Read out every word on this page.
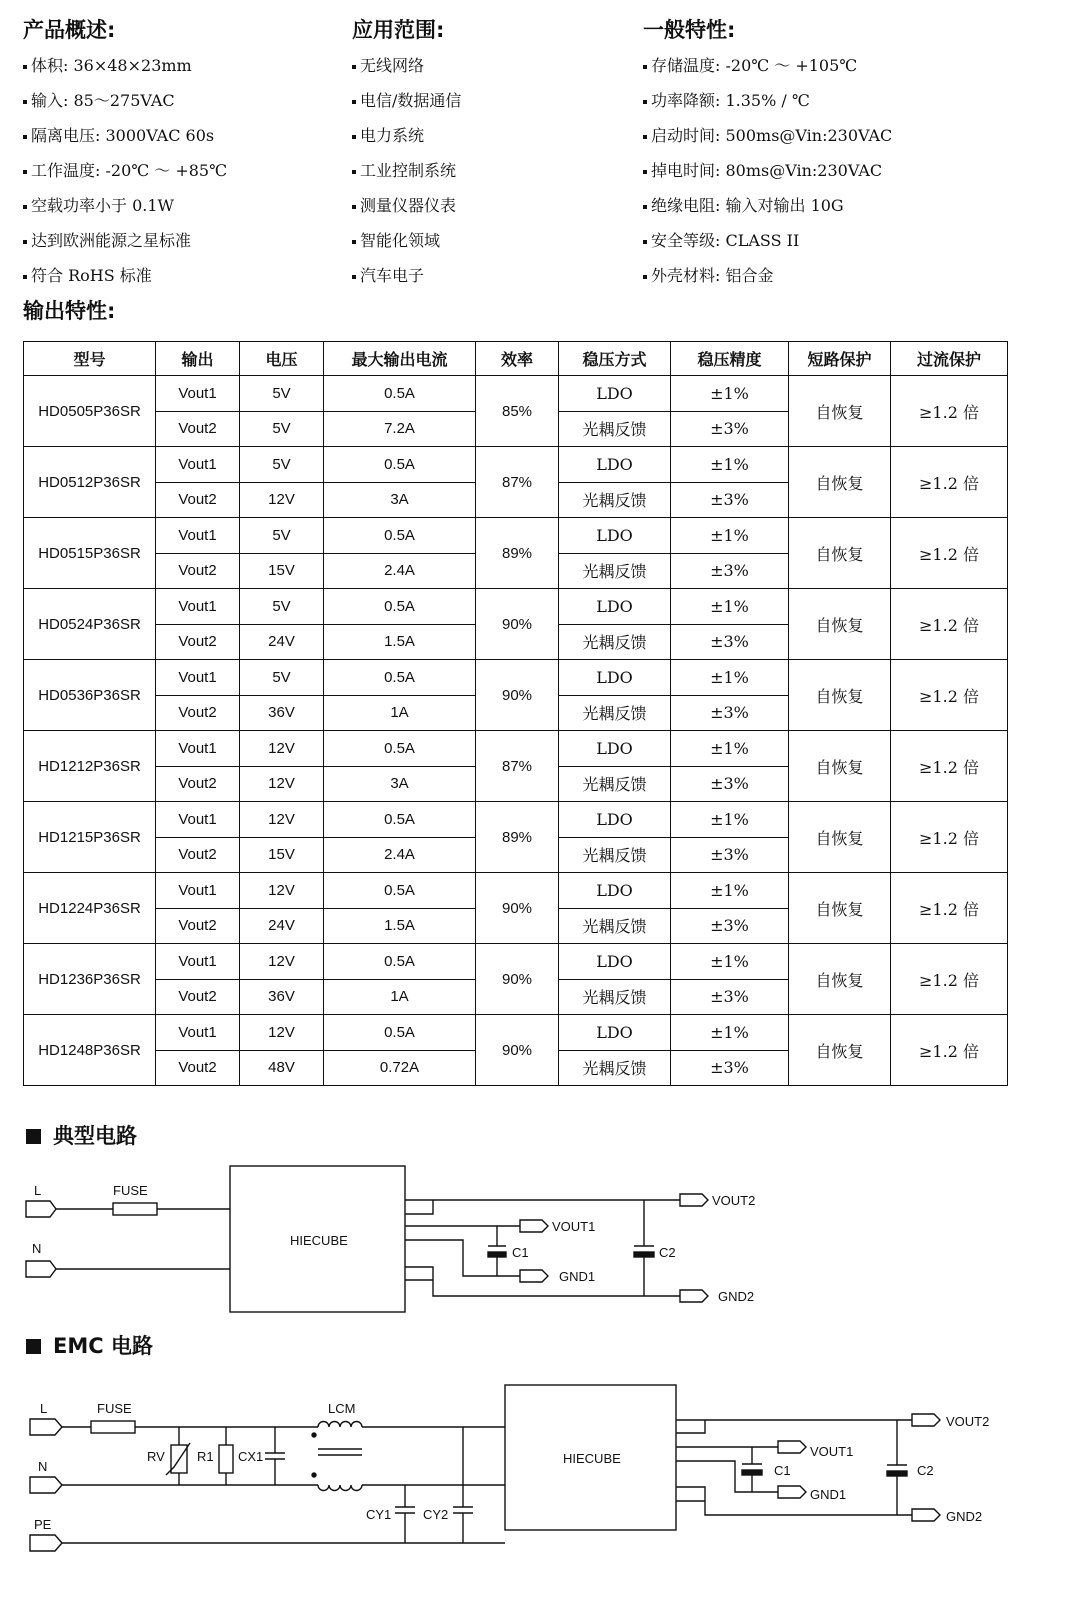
产品概述:	应用范围:	一般特性:
体积: 36×48×23mm
输入: 85～275VAC
隔离电压: 3000VAC 60s
工作温度: -20℃ ～ +85℃
空载功率小于 0.1W
达到欧洲能源之星标准
符合 RoHS 标准
无线网络
电信/数据通信
电力系统
工业控制系统
测量仪器仪表
智能化领域
汽车电子
存储温度: -20℃ ～ +105℃
功率降额: 1.35% / ℃
启动时间: 500ms@Vin:230VAC
掉电时间: 80ms@Vin:230VAC
绝缘电阻: 输入对输出 10G
安全等级: CLASS II
外壳材料: 铝合金
输出特性:
型号	输出	电压	最大输出电流	效率	稳压方式	稳压精度	短路保护	过流保护
HD0505P36SR	Vout1	5V	0.5A	85%	LDO	±1%	自恢复	≥1.2 倍
	Vout2	5V	7.2A		光耦反馈	±3%		
HD0512P36SR	Vout1	5V	0.5A	87%	LDO	±1%	自恢复	≥1.2 倍
	Vout2	12V	3A		光耦反馈	±3%		
HD0515P36SR	Vout1	5V	0.5A	89%	LDO	±1%	自恢复	≥1.2 倍
	Vout2	15V	2.4A		光耦反馈	±3%		
HD0524P36SR	Vout1	5V	0.5A	90%	LDO	±1%	自恢复	≥1.2 倍
	Vout2	24V	1.5A		光耦反馈	±3%		
HD0536P36SR	Vout1	5V	0.5A	90%	LDO	±1%	自恢复	≥1.2 倍
	Vout2	36V	1A		光耦反馈	±3%		
HD1212P36SR	Vout1	12V	0.5A	87%	LDO	±1%	自恢复	≥1.2 倍
	Vout2	12V	3A		光耦反馈	±3%		
HD1215P36SR	Vout1	12V	0.5A	89%	LDO	±1%	自恢复	≥1.2 倍
	Vout2	15V	2.4A		光耦反馈	±3%		
HD1224P36SR	Vout1	12V	0.5A	90%	LDO	±1%	自恢复	≥1.2 倍
	Vout2	24V	1.5A		光耦反馈	±3%		
HD1236P36SR	Vout1	12V	0.5A	90%	LDO	±1%	自恢复	≥1.2 倍
	Vout2	36V	1A		光耦反馈	±3%		
HD1248P36SR	Vout1	12V	0.5A	90%	LDO	±1%	自恢复	≥1.2 倍
	Vout2	48V	0.72A		光耦反馈	±3%		
典型电路
L
N
FUSE
HIECUBE
VOUT2
VOUT1
GND1
GND2
C1	C2
EMC 电路
L
N
PE
FUSE
RV R1 CX1
LCM
CY1 CY2
HIECUBE
VOUT2
VOUT1
GND1
GND2
C1	C2
